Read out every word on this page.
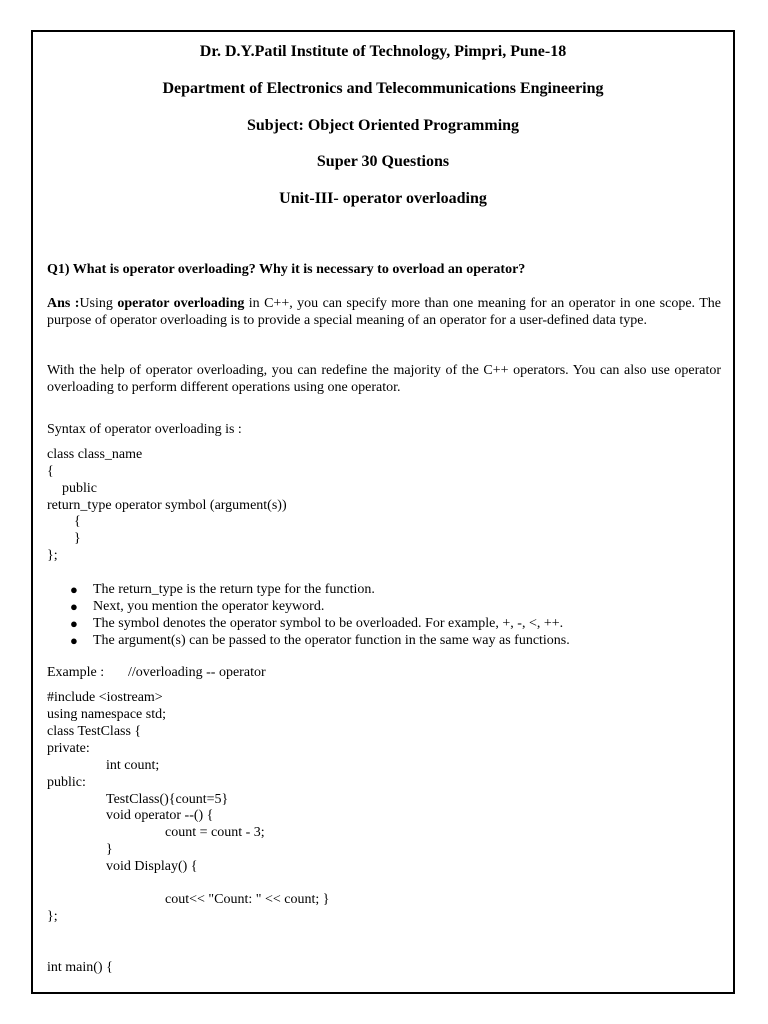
Dr. D.Y.Patil Institute of Technology, Pimpri, Pune-18
Department of Electronics and Telecommunications Engineering
Subject: Object Oriented Programming
Super 30 Questions
Unit-III- operator overloading
Q1) What is operator overloading? Why it is necessary to overload an operator?
Ans :Using operator overloading in C++, you can specify more than one meaning for an operator in one scope. The purpose of operator overloading is to provide a special meaning of an operator for a user-defined data type.
With the help of operator overloading, you can redefine the majority of the C++ operators. You can also use operator overloading to perform different operations using one operator.
Syntax of operator overloading is :
class class_name
{
public
return_type operator symbol (argument(s))
{
}
};
● The return_type is the return type for the function.
● Next, you mention the operator keyword.
● The symbol denotes the operator symbol to be overloaded. For example, +, -, <, ++.
● The argument(s) can be passed to the operator function in the same way as functions.
Example : //overloading -- operator
#include <iostream>
using namespace std;
class TestClass {
private:
int count;
public:
TestClass(){count=5}
void operator --() {
count = count - 3;
}
void Display() {
cout<< "Count: " << count; }
};
int main() {
